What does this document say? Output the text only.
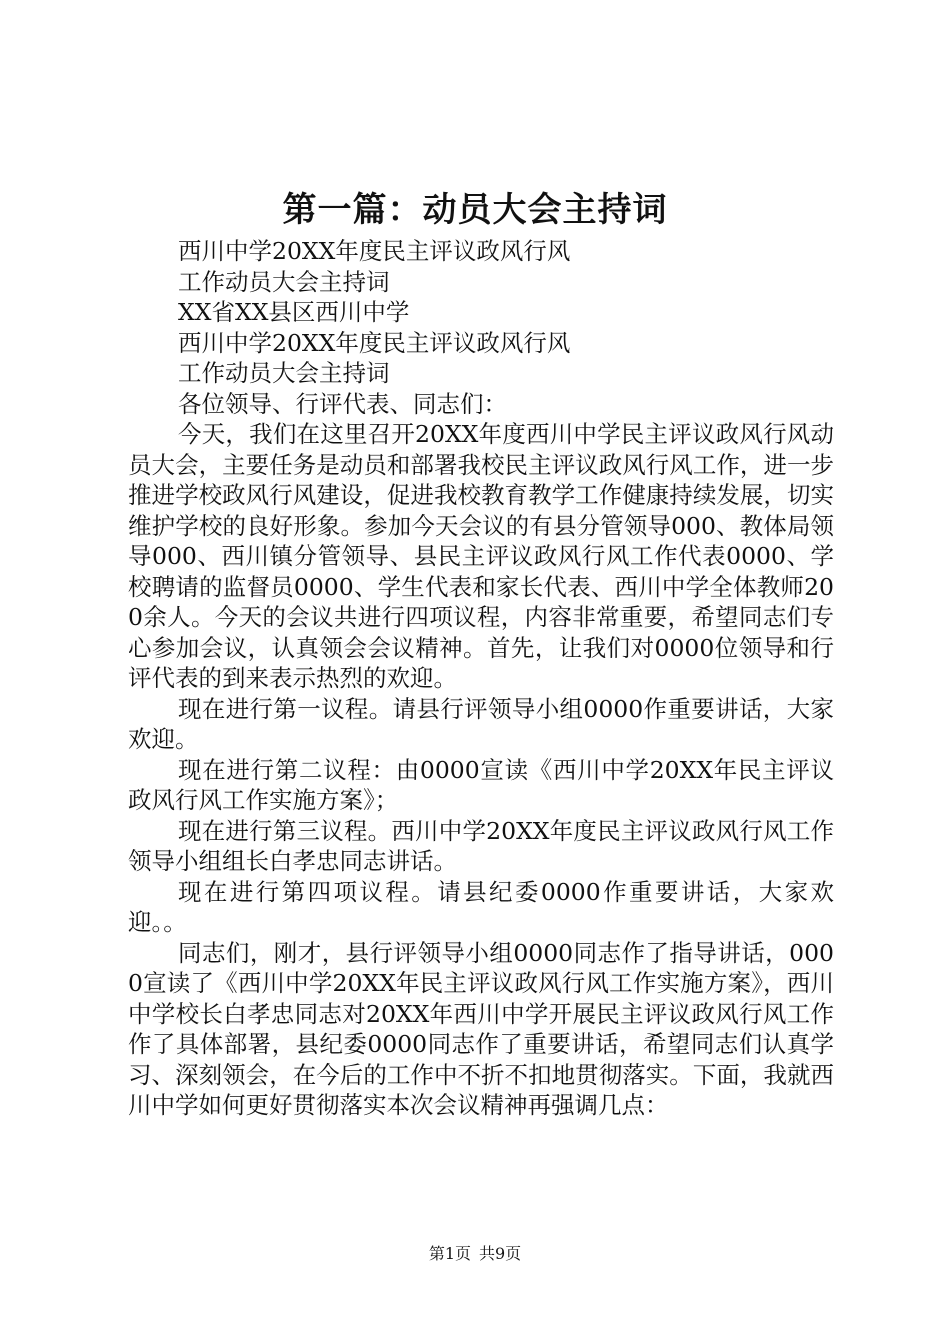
第一篇：动员大会主持词

西川中学20XX年度民主评议政风行风

工作动员大会主持词

XX省XX县区西川中学

西川中学20XX年度民主评议政风行风

工作动员大会主持词

各位领导、行评代表、同志们：

今天，我们在这里召开20XX年度西川中学民主评议政风行风动员大会，主要任务是动员和部署我校民主评议政风行风工作，进一步推进学校政风行风建设，促进我校教育教学工作健康持续发展，切实维护学校的良好形象。参加今天会议的有县分管领导000、教体局领导000、西川镇分管领导、县民主评议政风行风工作代表0000、学校聘请的监督员0000、学生代表和家长代表、西川中学全体教师200余人。今天的会议共进行四项议程，内容非常重要，希望同志们专心参加会议，认真领会会议精神。首先，让我们对0000位领导和行评代表的到来表示热烈的欢迎。

现在进行第一议程。请县行评领导小组0000作重要讲话，大家欢迎。

现在进行第二议程：由0000宣读《西川中学20XX年民主评议政风行风工作实施方案》；

现在进行第三议程。西川中学20XX年度民主评议政风行风工作领导小组组长白孝忠同志讲话。

现在进行第四项议程。请县纪委0000作重要讲话，大家欢迎。。

同志们，刚才，县行评领导小组0000同志作了指导讲话，0000宣读了《西川中学20XX年民主评议政风行风工作实施方案》，西川中学校长白孝忠同志对20XX年西川中学开展民主评议政风行风工作作了具体部署，县纪委0000同志作了重要讲话，希望同志们认真学习、深刻领会，在今后的工作中不折不扣地贯彻落实。下面，我就西川中学如何更好贯彻落实本次会议精神再强调几点：

第1页 共9页
